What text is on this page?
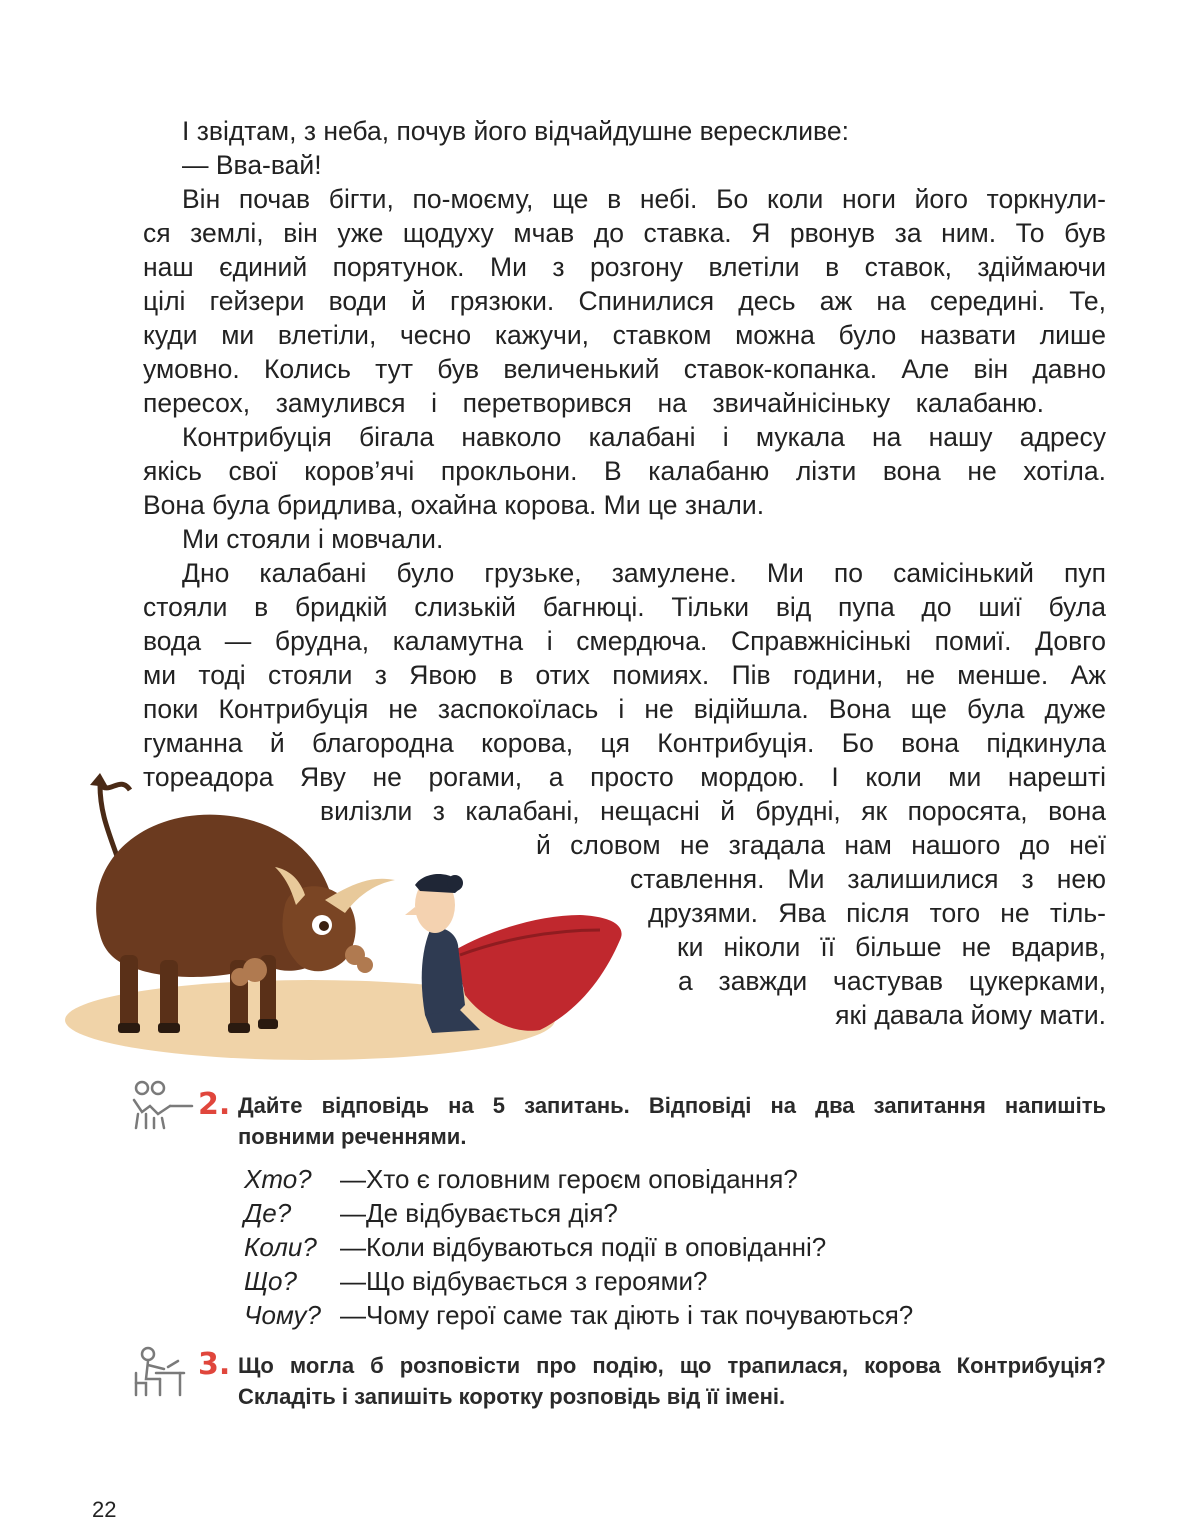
І звідтам, з неба, почув його відчайдушне верескливе:

— Вва-вай!

Він почав бігти, по-моєму, ще в небі. Бо коли ноги його торкнули-

ся землі, він уже щодуху мчав до ставка. Я рвонув за ним. То був

наш єдиний порятунок. Ми з розгону влетіли в ставок, здіймаючи

цілі гейзери води й грязюки. Спинилися десь аж на середині. Те,

куди ми влетіли, чесно кажучи, ставком можна було назвати лише

умовно. Колись тут був величенький ставок-копанка. Але він давно

пересох, замулився і перетворився на звичайнісіньку калабаню.

Контрибуція бігала навколо калабані і мукала на нашу адресу

якісь свої коров’ячі прокльони. В калабаню лізти вона не хотіла.

Вона була бридлива, охайна корова. Ми це знали.

Ми стояли і мовчали.

Дно калабані було грузьке, замулене. Ми по самісінький пуп

стояли в бридкій слизькій багнюці. Тільки від пупа до шиї була

вода — брудна, каламутна і смердюча. Справжнісінькі помиї. Довго

ми тоді стояли з Явою в отих помиях. Пів години, не менше. Аж

поки Контрибуція не заспокоїлась і не відійшла. Вона ще була дуже

гуманна й благородна корова, ця Контрибуція. Бо вона підкинула

тореадора Яву не рогами, а просто мордою. І коли ми нарешті

вилізли з калабані, нещасні й брудні, як поросята, вона

й словом не згадала нам нашого до неї

ставлення. Ми залишилися з нею

друзями. Ява після того не тіль-

ки ніколи її більше не вдарив,

а завжди частував цукерками,

які давала йому мати.

2. Дайте відповідь на 5 запитань. Відповіді на два запитання напишіть

повними реченнями.

Хто? — Хто є головним героєм оповідання?
Де? — Де відбувається дія?
Коли? — Коли відбуваються події в оповіданні?
Що? — Що відбувається з героями?
Чому? — Чому герої саме так діють і так почуваються?
3. Що могла б розповісти про подію, що трапилася, корова Контрибуція?

Складіть і запишіть коротку розповідь від її імені.

22
